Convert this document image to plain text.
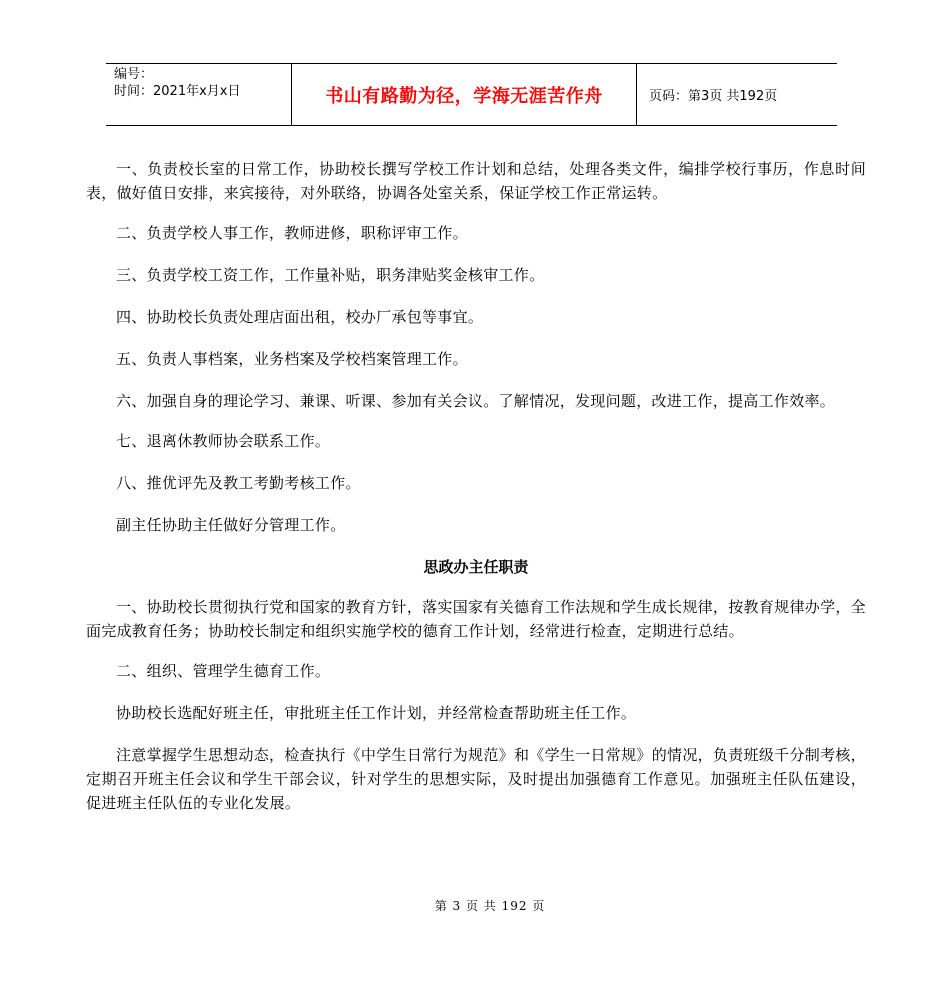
编号：
时间：2021年x月x日	书山有路勤为径，学海无涯苦作舟	页码：第3页 共192页

一、负责校长室的日常工作，协助校长撰写学校工作计划和总结，处理各类文件，编排学校行事历，作息时间表，做好值日安排，来宾接待，对外联络，协调各处室关系，保证学校工作正常运转。

二、负责学校人事工作，教师进修，职称评审工作。

三、负责学校工资工作，工作量补贴，职务津贴奖金核审工作。

四、协助校长负责处理店面出租，校办厂承包等事宜。

五、负责人事档案，业务档案及学校档案管理工作。

六、加强自身的理论学习、兼课、听课、参加有关会议。了解情况，发现问题，改进工作，提高工作效率。

七、退离休教师协会联系工作。

八、推优评先及教工考勤考核工作。

副主任协助主任做好分管理工作。

思政办主任职责

一、协助校长贯彻执行党和国家的教育方针，落实国家有关德育工作法规和学生成长规律，按教育规律办学，全面完成教育任务；协助校长制定和组织实施学校的德育工作计划，经常进行检查，定期进行总结。

二、组织、管理学生德育工作。

协助校长选配好班主任，审批班主任工作计划，并经常检查帮助班主任工作。

注意掌握学生思想动态，检查执行《中学生日常行为规范》和《学生一日常规》的情况，负责班级千分制考核，定期召开班主任会议和学生干部会议，针对学生的思想实际，及时提出加强德育工作意见。加强班主任队伍建设，促进班主任队伍的专业化发展。

第 3 页 共 192 页
